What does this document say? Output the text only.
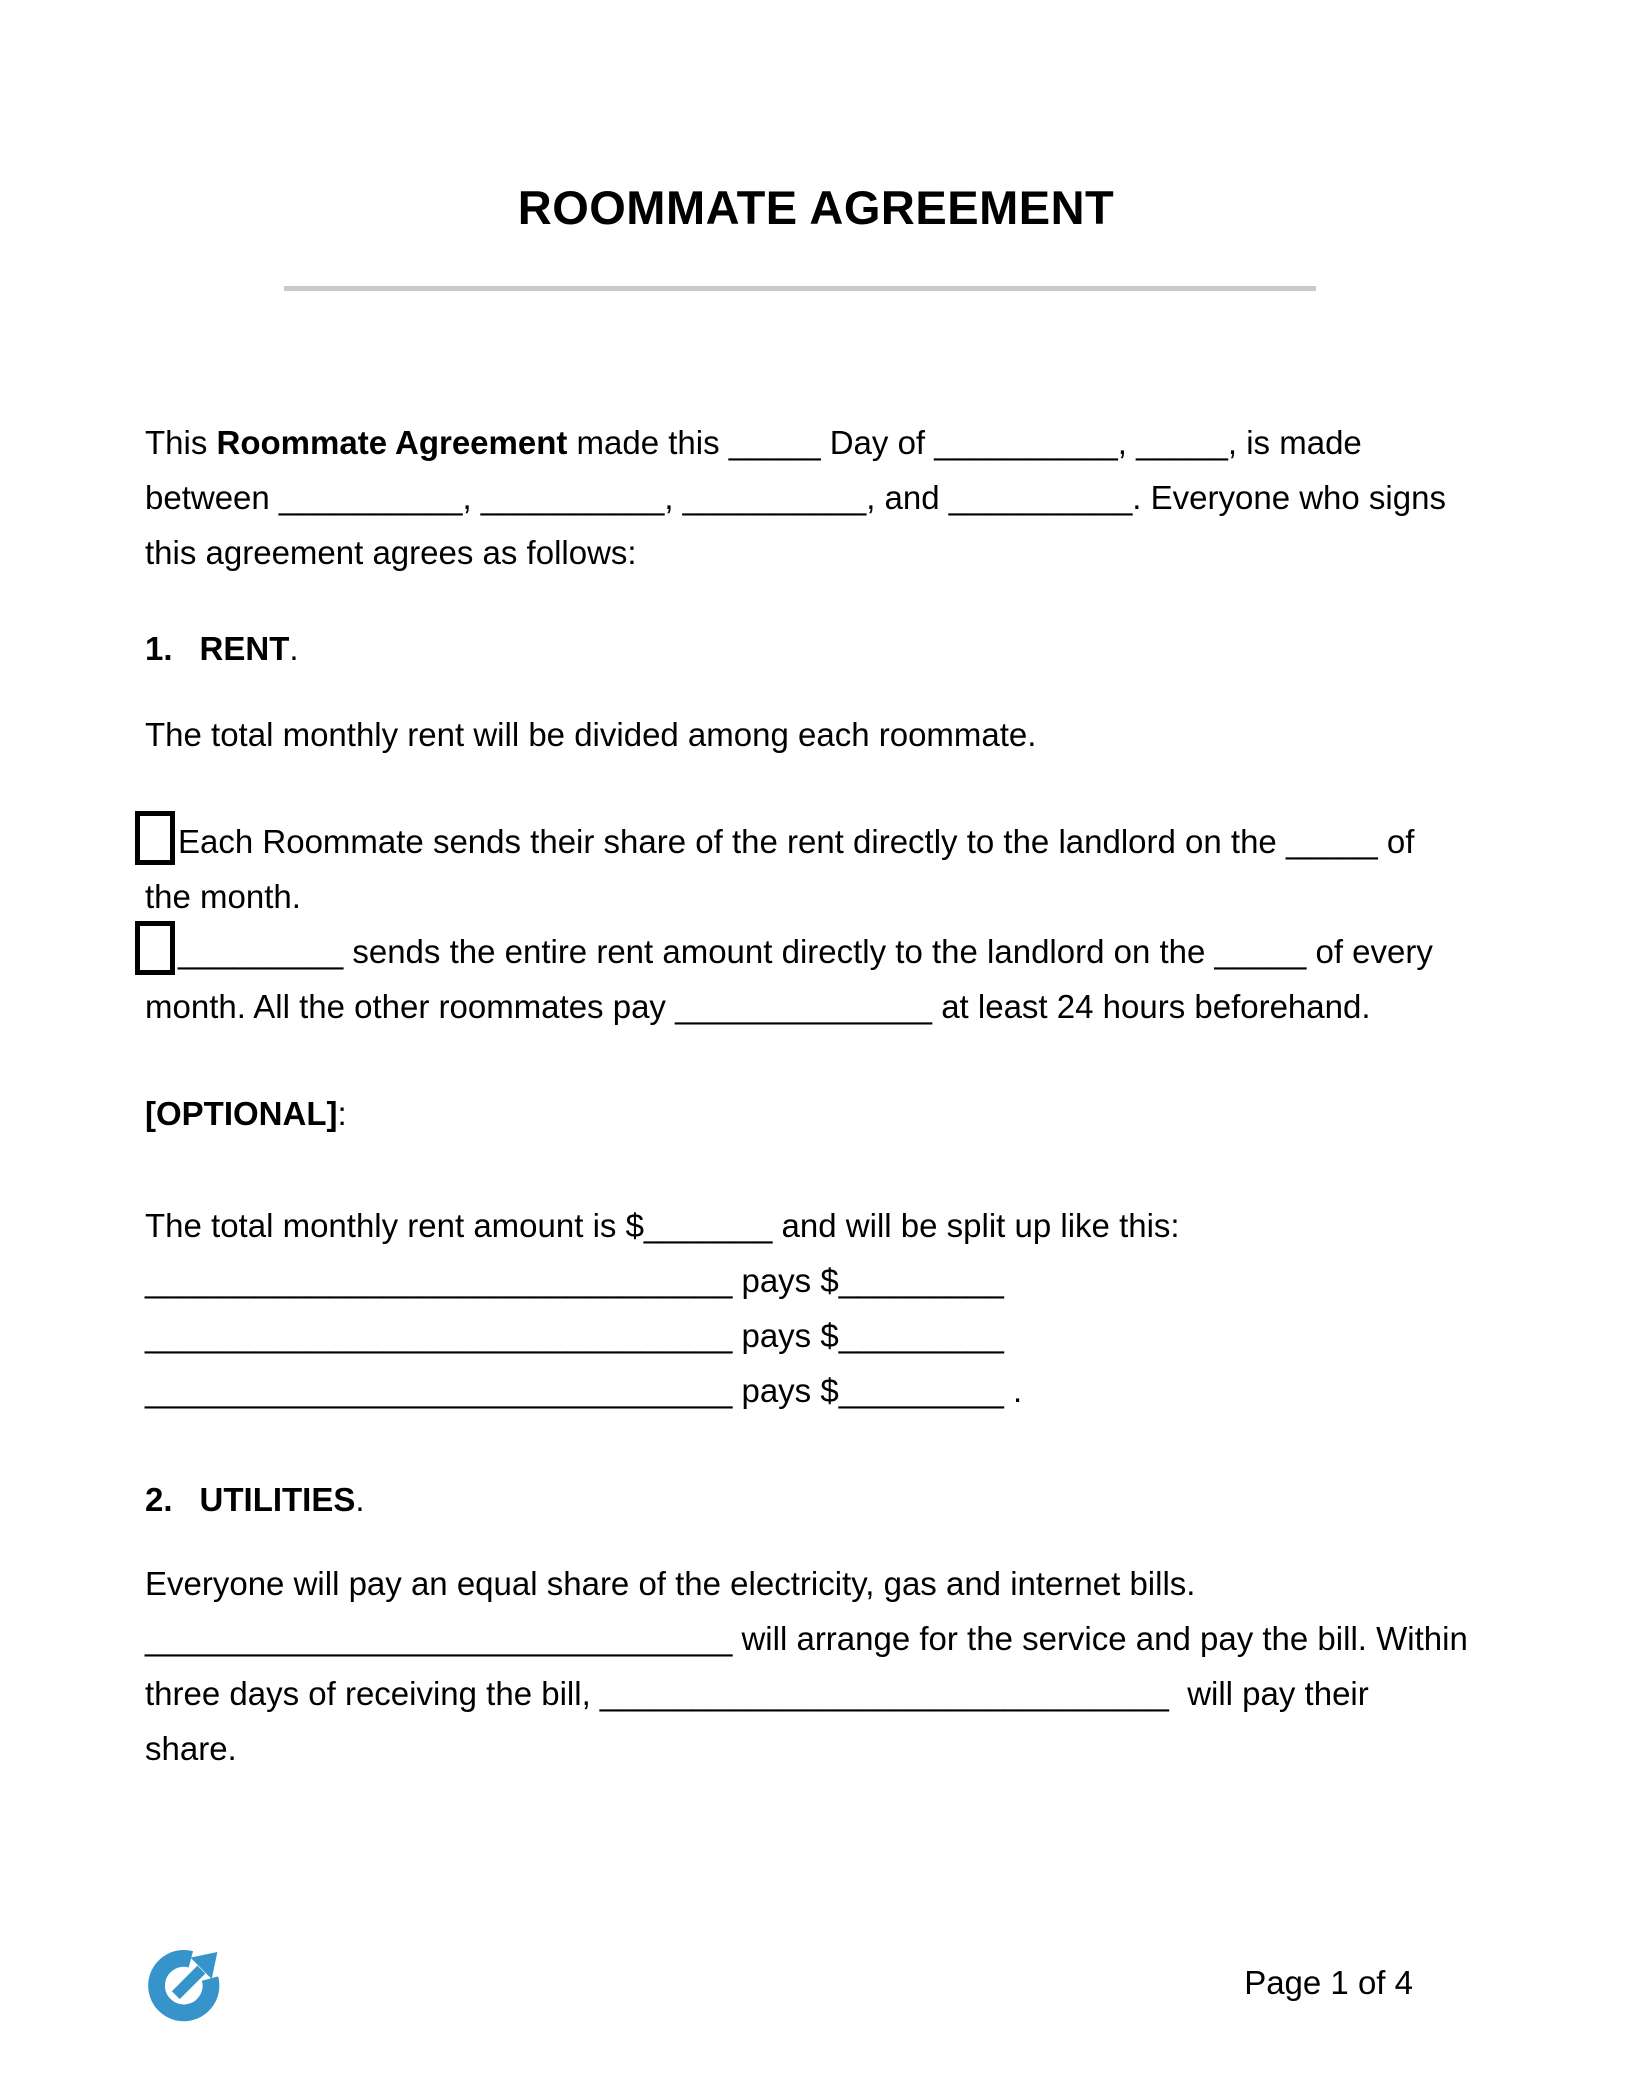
ROOMMATE AGREEMENT
This Roommate Agreement made this _____ Day of __________, _____, is made
between __________, __________, __________, and __________. Everyone who signs
this agreement agrees as follows:
1. RENT.
The total monthly rent will be divided among each roommate.
Each Roommate sends their share of the rent directly to the landlord on the _____ of
the month.
_________ sends the entire rent amount directly to the landlord on the _____ of every
month. All the other roommates pay ______________ at least 24 hours beforehand.
[OPTIONAL]:
The total monthly rent amount is $_______ and will be split up like this:
________________________________ pays $_________
________________________________ pays $_________
________________________________ pays $_________ .
2. UTILITIES.
Everyone will pay an equal share of the electricity, gas and internet bills.
________________________________ will arrange for the service and pay the bill. Within
three days of receiving the bill, _______________________________  will pay their
share.
Page 1 of 4
